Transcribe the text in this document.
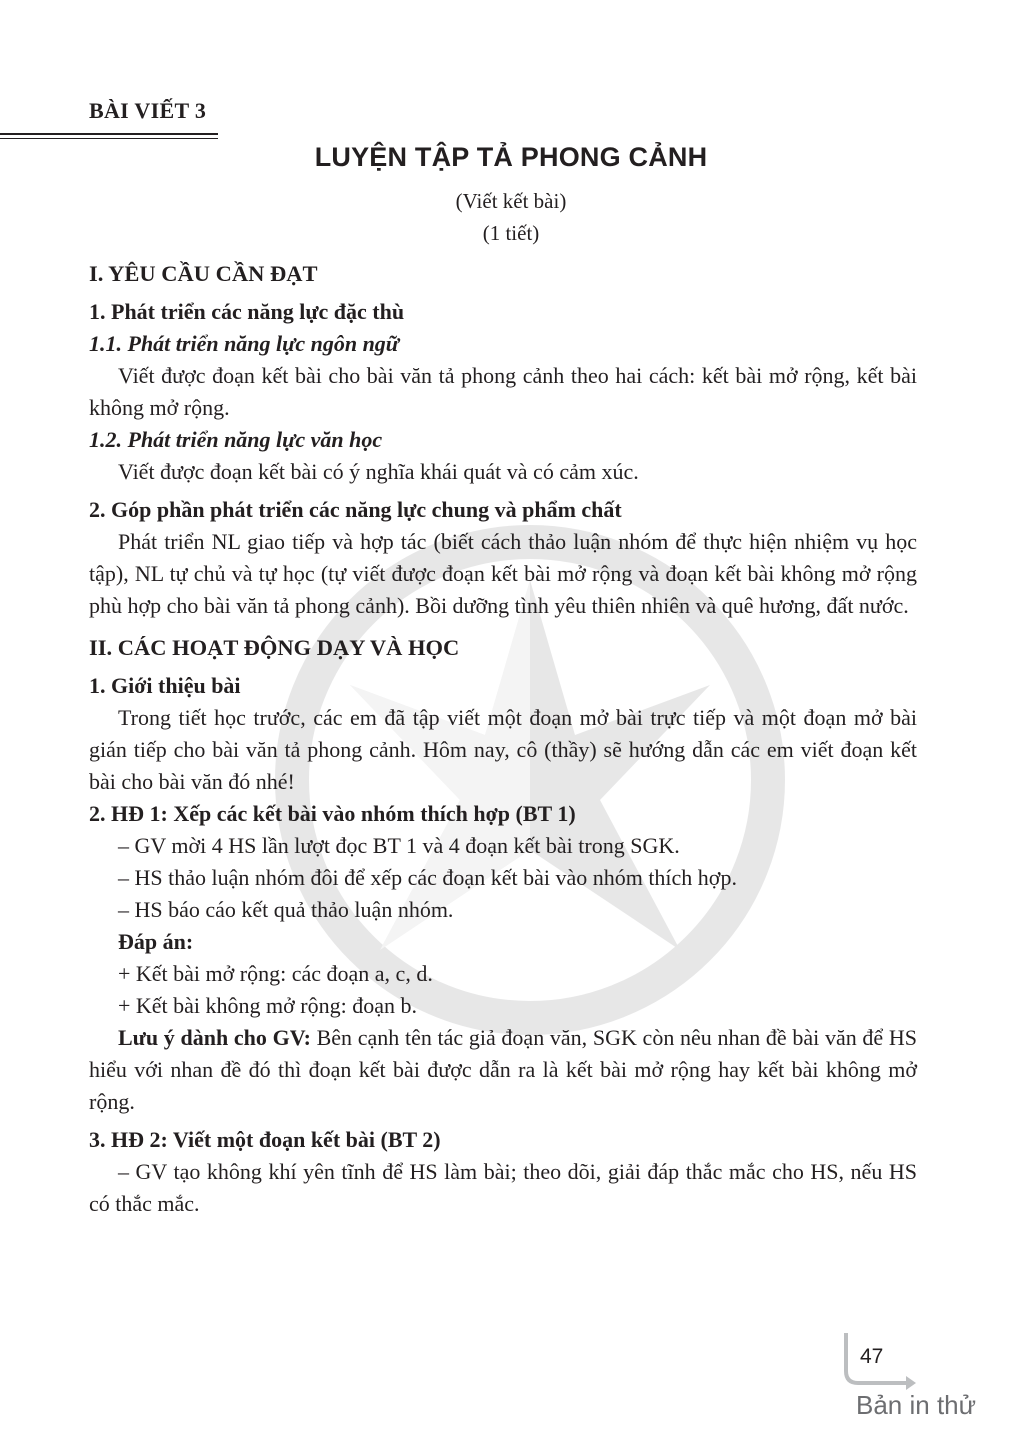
BÀI VIẾT 3
LUYỆN TẬP TẢ PHONG CẢNH
(Viết kết bài)
(1 tiết)

I. YÊU CẦU CẦN ĐẠT

1. Phát triển các năng lực đặc thù

1.1. Phát triển năng lực ngôn ngữ

Viết được đoạn kết bài cho bài văn tả phong cảnh theo hai cách: kết bài mở rộng, kết bài không mở rộng.

1.2. Phát triển năng lực văn học

Viết được đoạn kết bài có ý nghĩa khái quát và có cảm xúc.

2. Góp phần phát triển các năng lực chung và phẩm chất

Phát triển NL giao tiếp và hợp tác (biết cách thảo luận nhóm để thực hiện nhiệm vụ học tập), NL tự chủ và tự học (tự viết được đoạn kết bài mở rộng và đoạn kết bài không mở rộng phù hợp cho bài văn tả phong cảnh). Bồi dưỡng tình yêu thiên nhiên và quê hương, đất nước.

II. CÁC HOẠT ĐỘNG DẠY VÀ HỌC

1. Giới thiệu bài

Trong tiết học trước, các em đã tập viết một đoạn mở bài trực tiếp và một đoạn mở bài gián tiếp cho bài văn tả phong cảnh. Hôm nay, cô (thầy) sẽ hướng dẫn các em viết đoạn kết bài cho bài văn đó nhé!

2. HĐ 1: Xếp các kết bài vào nhóm thích hợp (BT 1)

– GV mời 4 HS lần lượt đọc BT 1 và 4 đoạn kết bài trong SGK.

– HS thảo luận nhóm đôi để xếp các đoạn kết bài vào nhóm thích hợp.

– HS báo cáo kết quả thảo luận nhóm.

Đáp án:

+ Kết bài mở rộng: các đoạn a, c, d.

+ Kết bài không mở rộng: đoạn b.

Lưu ý dành cho GV: Bên cạnh tên tác giả đoạn văn, SGK còn nêu nhan đề bài văn để HS hiểu với nhan đề đó thì đoạn kết bài được dẫn ra là kết bài mở rộng hay kết bài không mở rộng.

3. HĐ 2: Viết một đoạn kết bài (BT 2)

– GV tạo không khí yên tĩnh để HS làm bài; theo dõi, giải đáp thắc mắc cho HS, nếu HS có thắc mắc.

47
Bản in thử
